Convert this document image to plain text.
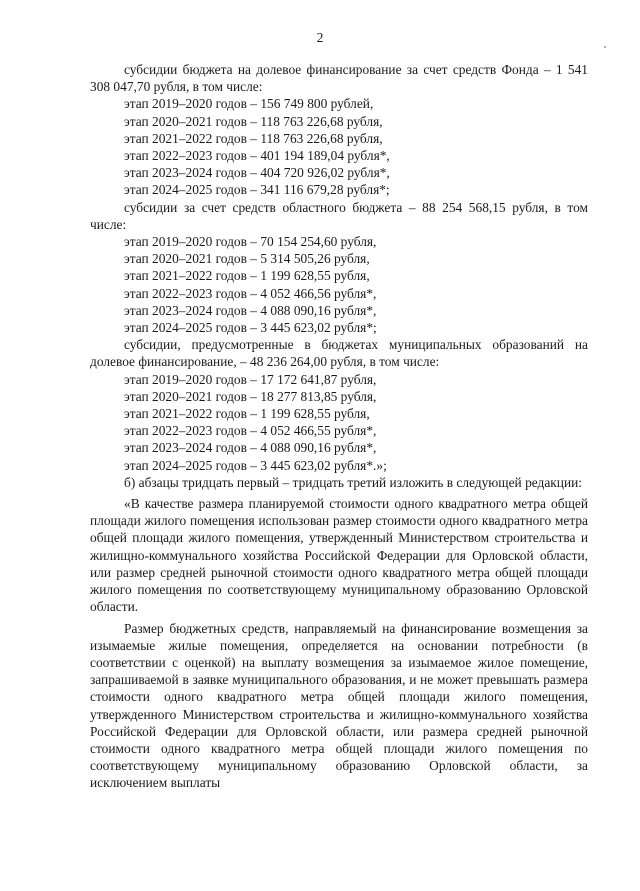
2

субсидии бюджета на долевое финансирование за счет средств Фонда – 1 541 308 047,70 рубля, в том числе:

этап 2019–2020 годов – 156 749 800 рублей,

этап 2020–2021 годов – 118 763 226,68 рубля,

этап 2021–2022 годов – 118 763 226,68 рубля,

этап 2022–2023 годов – 401 194 189,04 рубля*,

этап 2023–2024 годов – 404 720 926,02 рубля*,

этап 2024–2025 годов – 341 116 679,28 рубля*;

субсидии за счет средств областного бюджета – 88 254 568,15 рубля, в том числе:

этап 2019–2020 годов – 70 154 254,60 рубля,

этап 2020–2021 годов – 5 314 505,26 рубля,

этап 2021–2022 годов – 1 199 628,55 рубля,

этап 2022–2023 годов – 4 052 466,56 рубля*,

этап 2023–2024 годов – 4 088 090,16 рубля*,

этап 2024–2025 годов – 3 445 623,02 рубля*;

субсидии, предусмотренные в бюджетах муниципальных образований на долевое финансирование, – 48 236 264,00 рубля, в том числе:

этап 2019–2020 годов – 17 172 641,87 рубля,

этап 2020–2021 годов – 18 277 813,85 рубля,

этап 2021–2022 годов – 1 199 628,55 рубля,

этап 2022–2023 годов – 4 052 466,55 рубля*,

этап 2023–2024 годов – 4 088 090,16 рубля*,

этап 2024–2025 годов – 3 445 623,02 рубля*.»;

б) абзацы тридцать первый – тридцать третий изложить в следующей редакции:

«В качестве размера планируемой стоимости одного квадратного метра общей площади жилого помещения использован размер стоимости одного квадратного метра общей площади жилого помещения, утвержденный Министерством строительства и жилищно-коммунального хозяйства Российской Федерации для Орловской области, или размер средней рыночной стоимости одного квадратного метра общей площади жилого помещения по соответствующему муниципальному образованию Орловской области.

Размер бюджетных средств, направляемый на финансирование возмещения за изымаемые жилые помещения, определяется на основании потребности (в соответствии с оценкой) на выплату возмещения за изымаемое жилое помещение, запрашиваемой в заявке муниципального образования, и не может превышать размера стоимости одного квадратного метра общей площади жилого помещения, утвержденного Министерством строительства и жилищно-коммунального хозяйства Российской Федерации для Орловской области, или размера средней рыночной стоимости одного квадратного метра общей площади жилого помещения по соответствующему муниципальному образованию Орловской области, за исключением выплаты
